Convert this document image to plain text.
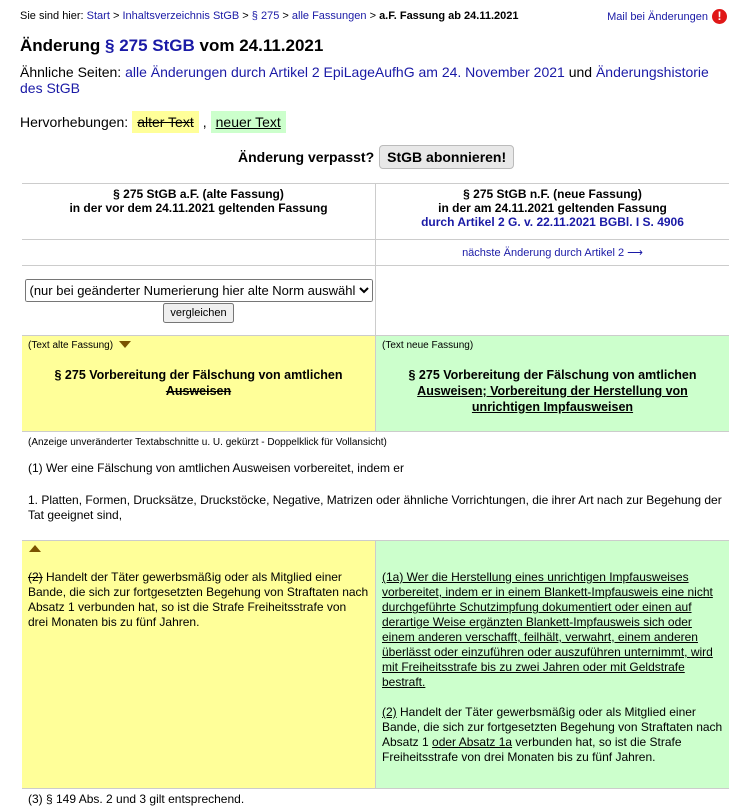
Sie sind hier: Start > Inhaltsverzeichnis StGB > § 275 > alle Fassungen > a.F. Fassung ab 24.11.2021	Mail bei Änderungen !
Änderung § 275 StGB vom 24.11.2021
Ähnliche Seiten: alle Änderungen durch Artikel 2 EpiLageAufhG am 24. November 2021 und Änderungshistorie des StGB
Hervorhebungen: alter Text , neuer Text
Änderung verpasst? StGB abonnieren!
§ 275 StGB a.F. (alte Fassung)
in der vor dem 24.11.2021 geltenden Fassung
§ 275 StGB n.F. (neue Fassung)
in der am 24.11.2021 geltenden Fassung
durch Artikel 2 G. v. 22.11.2021 BGBl. I S. 4906
nächste Änderung durch Artikel 2 ⟶
(nur bei geänderter Numerierung hier alte Norm auswählen)
vergleichen
(Text alte Fassung)
§ 275 Vorbereitung der Fälschung von amtlichen
Ausweisen
(Text neue Fassung)
§ 275 Vorbereitung der Fälschung von amtlichen Ausweisen; Vorbereitung der Herstellung von unrichtigen Impfausweisen
(Anzeige unveränderter Textabschnitte u. U. gekürzt - Doppelklick für Vollansicht)
(1) Wer eine Fälschung von amtlichen Ausweisen vorbereitet, indem er
1. Platten, Formen, Drucksätze, Druckstöcke, Negative, Matrizen oder ähnliche Vorrichtungen, die ihrer Art nach zur Begehung der Tat geeignet sind,
(2) Handelt der Täter gewerbsmäßig oder als Mitglied einer Bande, die sich zur fortgesetzten Begehung von Straftaten nach Absatz 1 verbunden hat, so ist die Strafe Freiheitsstrafe von drei Monaten bis zu fünf Jahren.
(1a) Wer die Herstellung eines unrichtigen Impfausweises vorbereitet, indem er in einem Blankett-Impfausweis eine nicht durchgeführte Schutzimpfung dokumentiert oder einen auf derartige Weise ergänzten Blankett-Impfausweis sich oder einem anderen verschafft, feilhält, verwahrt, einem anderen überlässt oder einzuführen oder auszuführen unternimmt, wird mit Freiheitsstrafe bis zu zwei Jahren oder mit Geldstrafe bestraft.
(2) Handelt der Täter gewerbsmäßig oder als Mitglied einer Bande, die sich zur fortgesetzten Begehung von Straftaten nach Absatz 1 oder Absatz 1a verbunden hat, so ist die Strafe Freiheitsstrafe von drei Monaten bis zu fünf Jahren.
(3) § 149 Abs. 2 und 3 gilt entsprechend.
